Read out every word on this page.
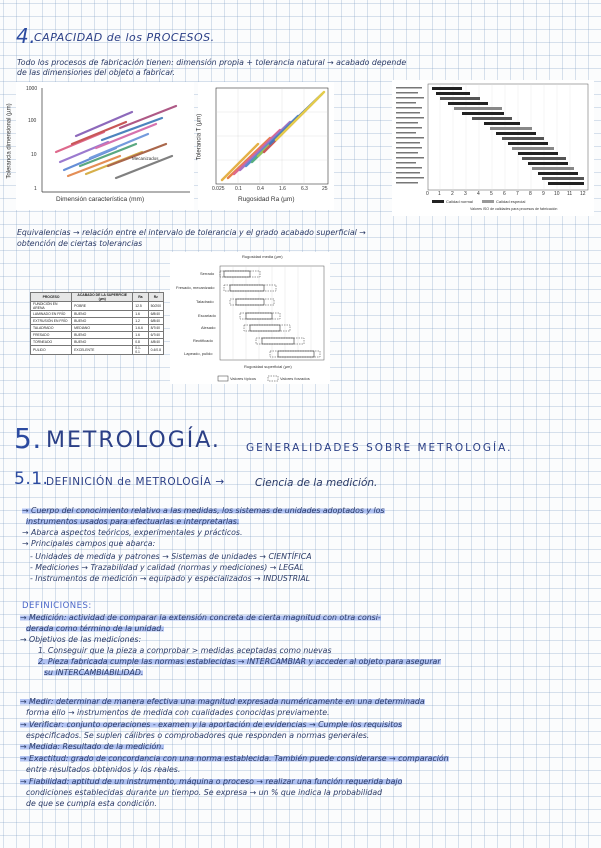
4.
CAPACIDAD de los PROCESOS.
Todo los procesos de fabricación tienen: dimensión propia + tolerancia natural → acabado depende
de las dimensiones del objeto a fabricar.
1000
100
10
1
Mecanizados
Dimensión característica (mm)
Tolerancia dimensional (µm)
0.025 0.1	0.4	1.6	6.3	25
Rugosidad Ra (µm)
Tolerancia T (µm)
0 1 2 3 4 5 6 7 8 9 10 11 12
Calidad normal	Calidad especial
Valores ISO de calidades para procesos de fabricación
Equivalencias → relación entre el intervalo de tolerancia y el grado acabado superficial →
obtención de ciertas tolerancias
PROCESO	ACABADO DE LA SUPERFICIE (µm)	Ra	Rz
FUNDICIÓN EN ARENA	POBRE	12.5	50/200
LAMINADO EN FRÍO	BUENO	1.6	6/8/40
EXTRUSIÓN EN FRÍO	BUENO	1.2	6/8/40
TALADRADO	MEDIANO	1.6-6	8/7/40
FRESADO	BUENO	1.6	6/7/40
TORNEADO	BUENO	0.8	4/8/40
PULIDO	EXCELENTE	0.1-0.1	0.4/0.8
Rugosidad media (µm)
Serrado
Fresado, mecanizado
Taladrado
Escariado
Alesado
Rectificado
Lapeado, pulido
Rugosidad superficial (µm)
Valores típicos	Valores forzados
5. METROLOGÍA. GENERALIDADES SOBRE METROLOGÍA.
5.1.
DEFINICIÓN de METROLOGÍA →	Ciencia de la medición.
→ Cuerpo del conocimiento relativo a las medidas, los sistemas de unidades adoptados y los
instrumentos usados para efectuarlas e interpretarlas.
→ Abarca aspectos teóricos, experimentales y prácticos.
→ Principales campos que abarca:
- Unidades de medida y patrones → Sistemas de unidades → CIENTÍFICA
- Mediciones → Trazabilidad y calidad (normas y mediciones) → LEGAL
- Instrumentos de medición → equipado y especializados → INDUSTRIAL
DEFINICIONES:
→ Medición: actividad de comparar la extensión concreta de cierta magnitud con otra consi-
derada como término de la unidad.
→ Objetivos de las mediciones:
1. Conseguir que la pieza a comprobar > medidas aceptadas como nuevas
2. Pieza fabricada cumple las normas establecidas → INTERCAMBIAR y acceder al objeto para asegurar
su INTERCAMBIABILIDAD.
→ Medir: determinar de manera efectiva una magnitud expresada numéricamente en una determinada
forma ello → instrumentos de medida con cualidades conocidas previamente.
→ Verificar: conjunto operaciones - examen y la aportación de evidencias → Cumple los requisitos
especificados. Se suplen cálibres o comprobadores que responden a normas generales.
→ Medida: Resultado de la medición.
→ Exactitud: grado de concordancia con una norma establecida. También puede considerarse → comparación
entre resultados obtenidos y los reales.
→ Fiabilidad: aptitud de un instrumento, máquina o proceso → realizar una función requerida bajo
condiciones establecidas durante un tiempo. Se expresa → un % que indica la probabilidad
de que se cumpla esta condición.
